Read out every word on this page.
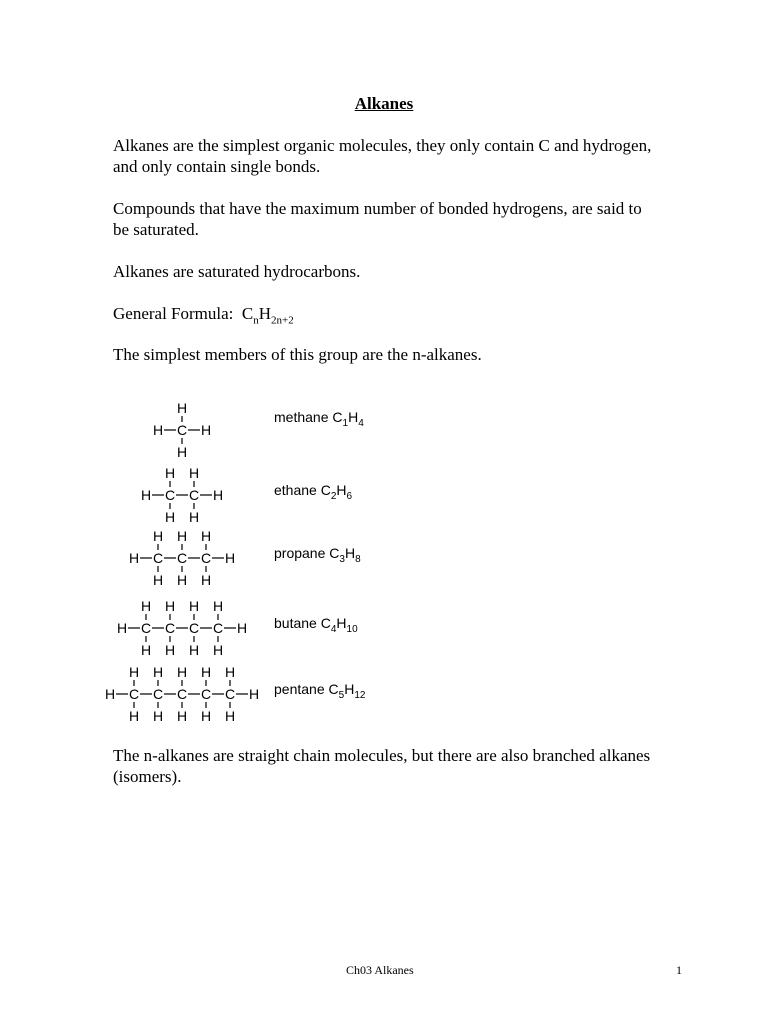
Alkanes
Alkanes are the simplest organic molecules, they only contain C and hydrogen, and only contain single bonds.
Compounds that have the maximum number of bonded hydrogens, are said to be saturated.
Alkanes are saturated hydrocarbons.
General Formula: $C_nH_{2n+2}$
The simplest members of this group are the n-alkanes.
C
H
H
H	H
C
H
H
C
H
H
H	H
C
H
H
C
H
H
C
H
H
H	H
C
H
H
C
H
H
C
H
H
C
H
H
H	H
C
H
H
C
H
H
C
H
H
C
H
H
C
H
H
H	H
methane $C_1H_4$
ethane $C_2H_6$
propane $C_3H_8$
butane $C_4H_{10}$
pentane $C_5H_{12}$
The n-alkanes are straight chain molecules, but there are also branched alkanes (isomers).
Ch03 Alkanes	1
